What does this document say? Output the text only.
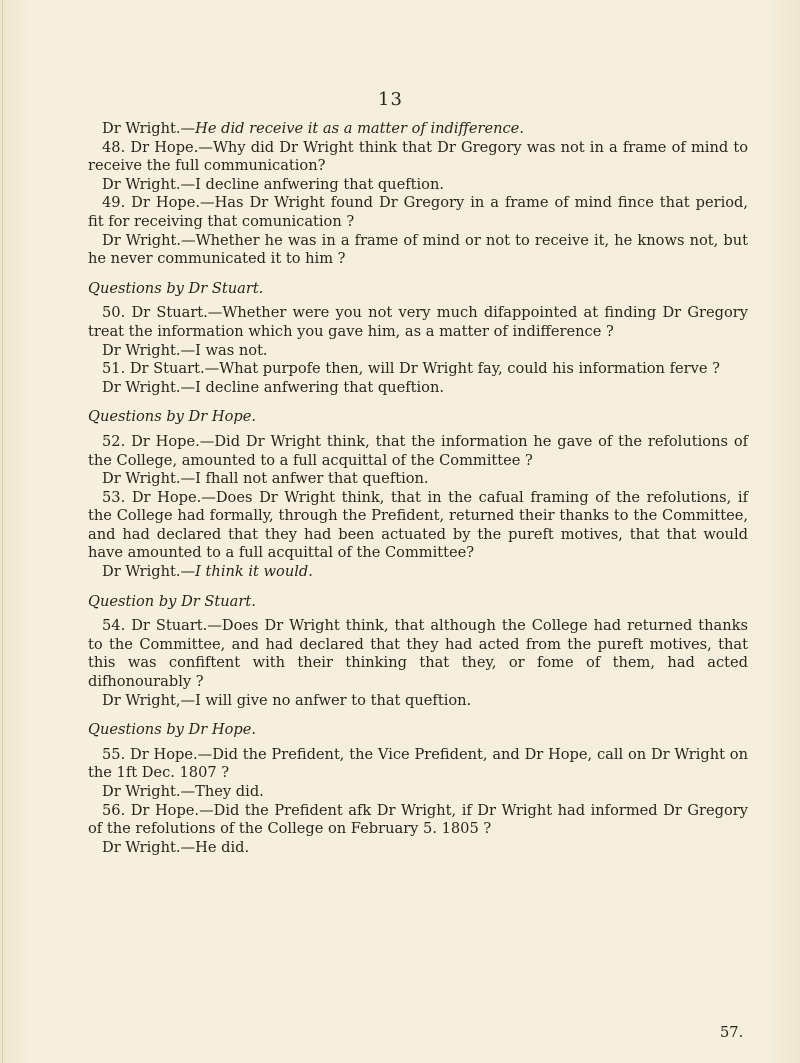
13

Dr Wright.—He did receive it as a matter of indifference.

48. Dr Hope.—Why did Dr Wright think that Dr Gregory was not in a frame of mind to receive the full communication?

Dr Wright.—I decline anfwering that queftion.

49. Dr Hope.—Has Dr Wright found Dr Gregory in a frame of mind fince that period, fit for receiving that comunication ?

Dr Wright.—Whether he was in a frame of mind or not to receive it, he knows not, but he never communicated it to him ?

Questions by Dr Stuart.

50. Dr Stuart.—Whether were you not very much difappointed at finding Dr Gregory treat the information which you gave him, as a matter of indifference ?

Dr Wright.—I was not.

51. Dr Stuart.—What purpofe then, will Dr Wright fay, could his information ferve ?

Dr Wright.—I decline anfwering that queftion.

Questions by Dr Hope.

52. Dr Hope.—Did Dr Wright think, that the information he gave of the refolutions of the College, amounted to a full acquittal of the Committee ?

Dr Wright.—I fhall not anfwer that queftion.

53. Dr Hope.—Does Dr Wright think, that in the cafual framing of the refolutions, if the College had formally, through the Prefident, returned their thanks to the Committee, and had declared that they had been actuated by the pureft motives, that that would have amounted to a full acquittal of the Committee?

Dr Wright.—I think it would.

Question by Dr Stuart.

54. Dr Stuart.—Does Dr Wright think, that although the College had returned thanks to the Committee, and had declared that they had acted from the pureft motives, that this was confiftent with their thinking that they, or fome of them, had acted difhonourably ?

Dr Wright,—I will give no anfwer to that queftion.

Questions by Dr Hope.

55. Dr Hope.—Did the Prefident, the Vice Prefident, and Dr Hope, call on Dr Wright on the 1ft Dec. 1807 ?

Dr Wright.—They did.

56. Dr Hope.—Did the Prefident afk Dr Wright, if Dr Wright had informed Dr Gregory of the refolutions of the College on February 5. 1805 ?

Dr Wright.—He did.

57.
